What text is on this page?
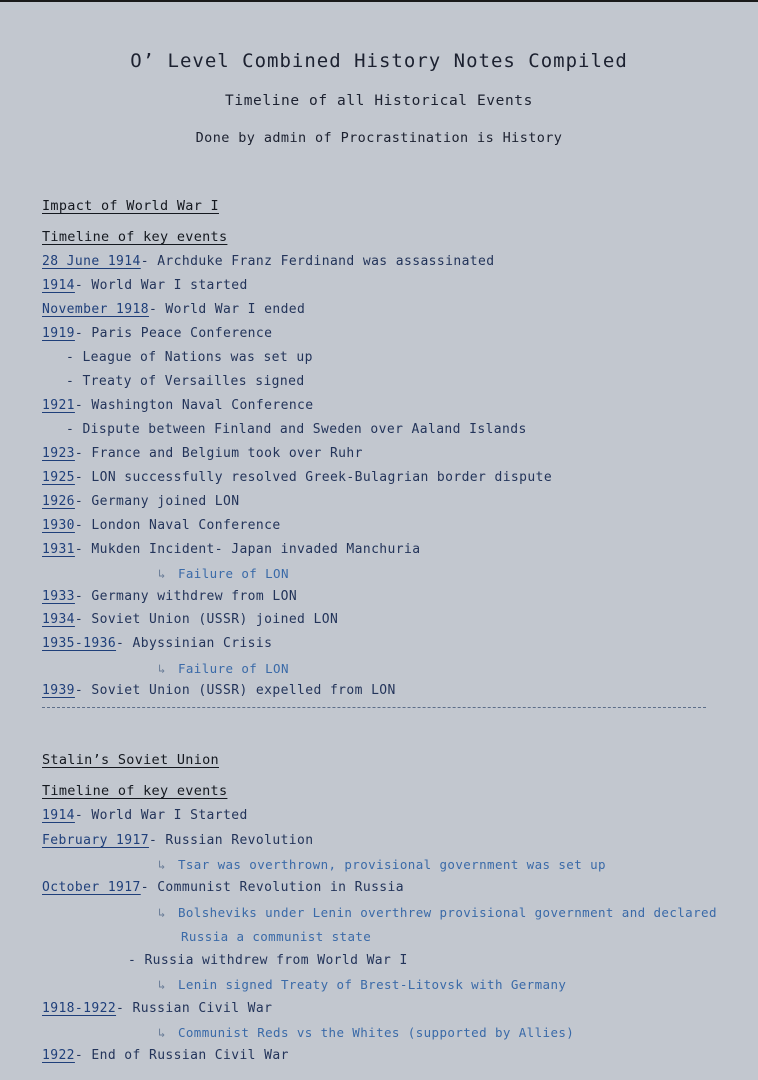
O’ Level Combined History Notes Compiled
Timeline of all Historical Events
Done by admin of Procrastination is History
Impact of World War I
Timeline of key events
28 June 1914- Archduke Franz Ferdinand was assassinated
1914- World War I started
November 1918- World War I ended
1919- Paris Peace Conference
- League of Nations was set up
- Treaty of Versailles signed
1921- Washington Naval Conference
- Dispute between Finland and Sweden over Aaland Islands
1923- France and Belgium took over Ruhr
1925- LON successfully resolved Greek-Bulagrian border dispute
1926- Germany joined LON
1930- London Naval Conference
1931- Mukden Incident- Japan invaded Manchuria
↳ Failure of LON
1933- Germany withdrew from LON
1934- Soviet Union (USSR) joined LON
1935-1936- Abyssinian Crisis
↳ Failure of LON
1939- Soviet Union (USSR) expelled from LON
Stalin’s Soviet Union
Timeline of key events
1914- World War I Started
February 1917- Russian Revolution
↳ Tsar was overthrown, provisional government was set up
October 1917- Communist Revolution in Russia
↳ Bolsheviks under Lenin overthrew provisional government and declared
Russia a communist state
- Russia withdrew from World War I
↳ Lenin signed Treaty of Brest-Litovsk with Germany
1918-1922- Russian Civil War
↳ Communist Reds vs the Whites (supported by Allies)
1922- End of Russian Civil War
